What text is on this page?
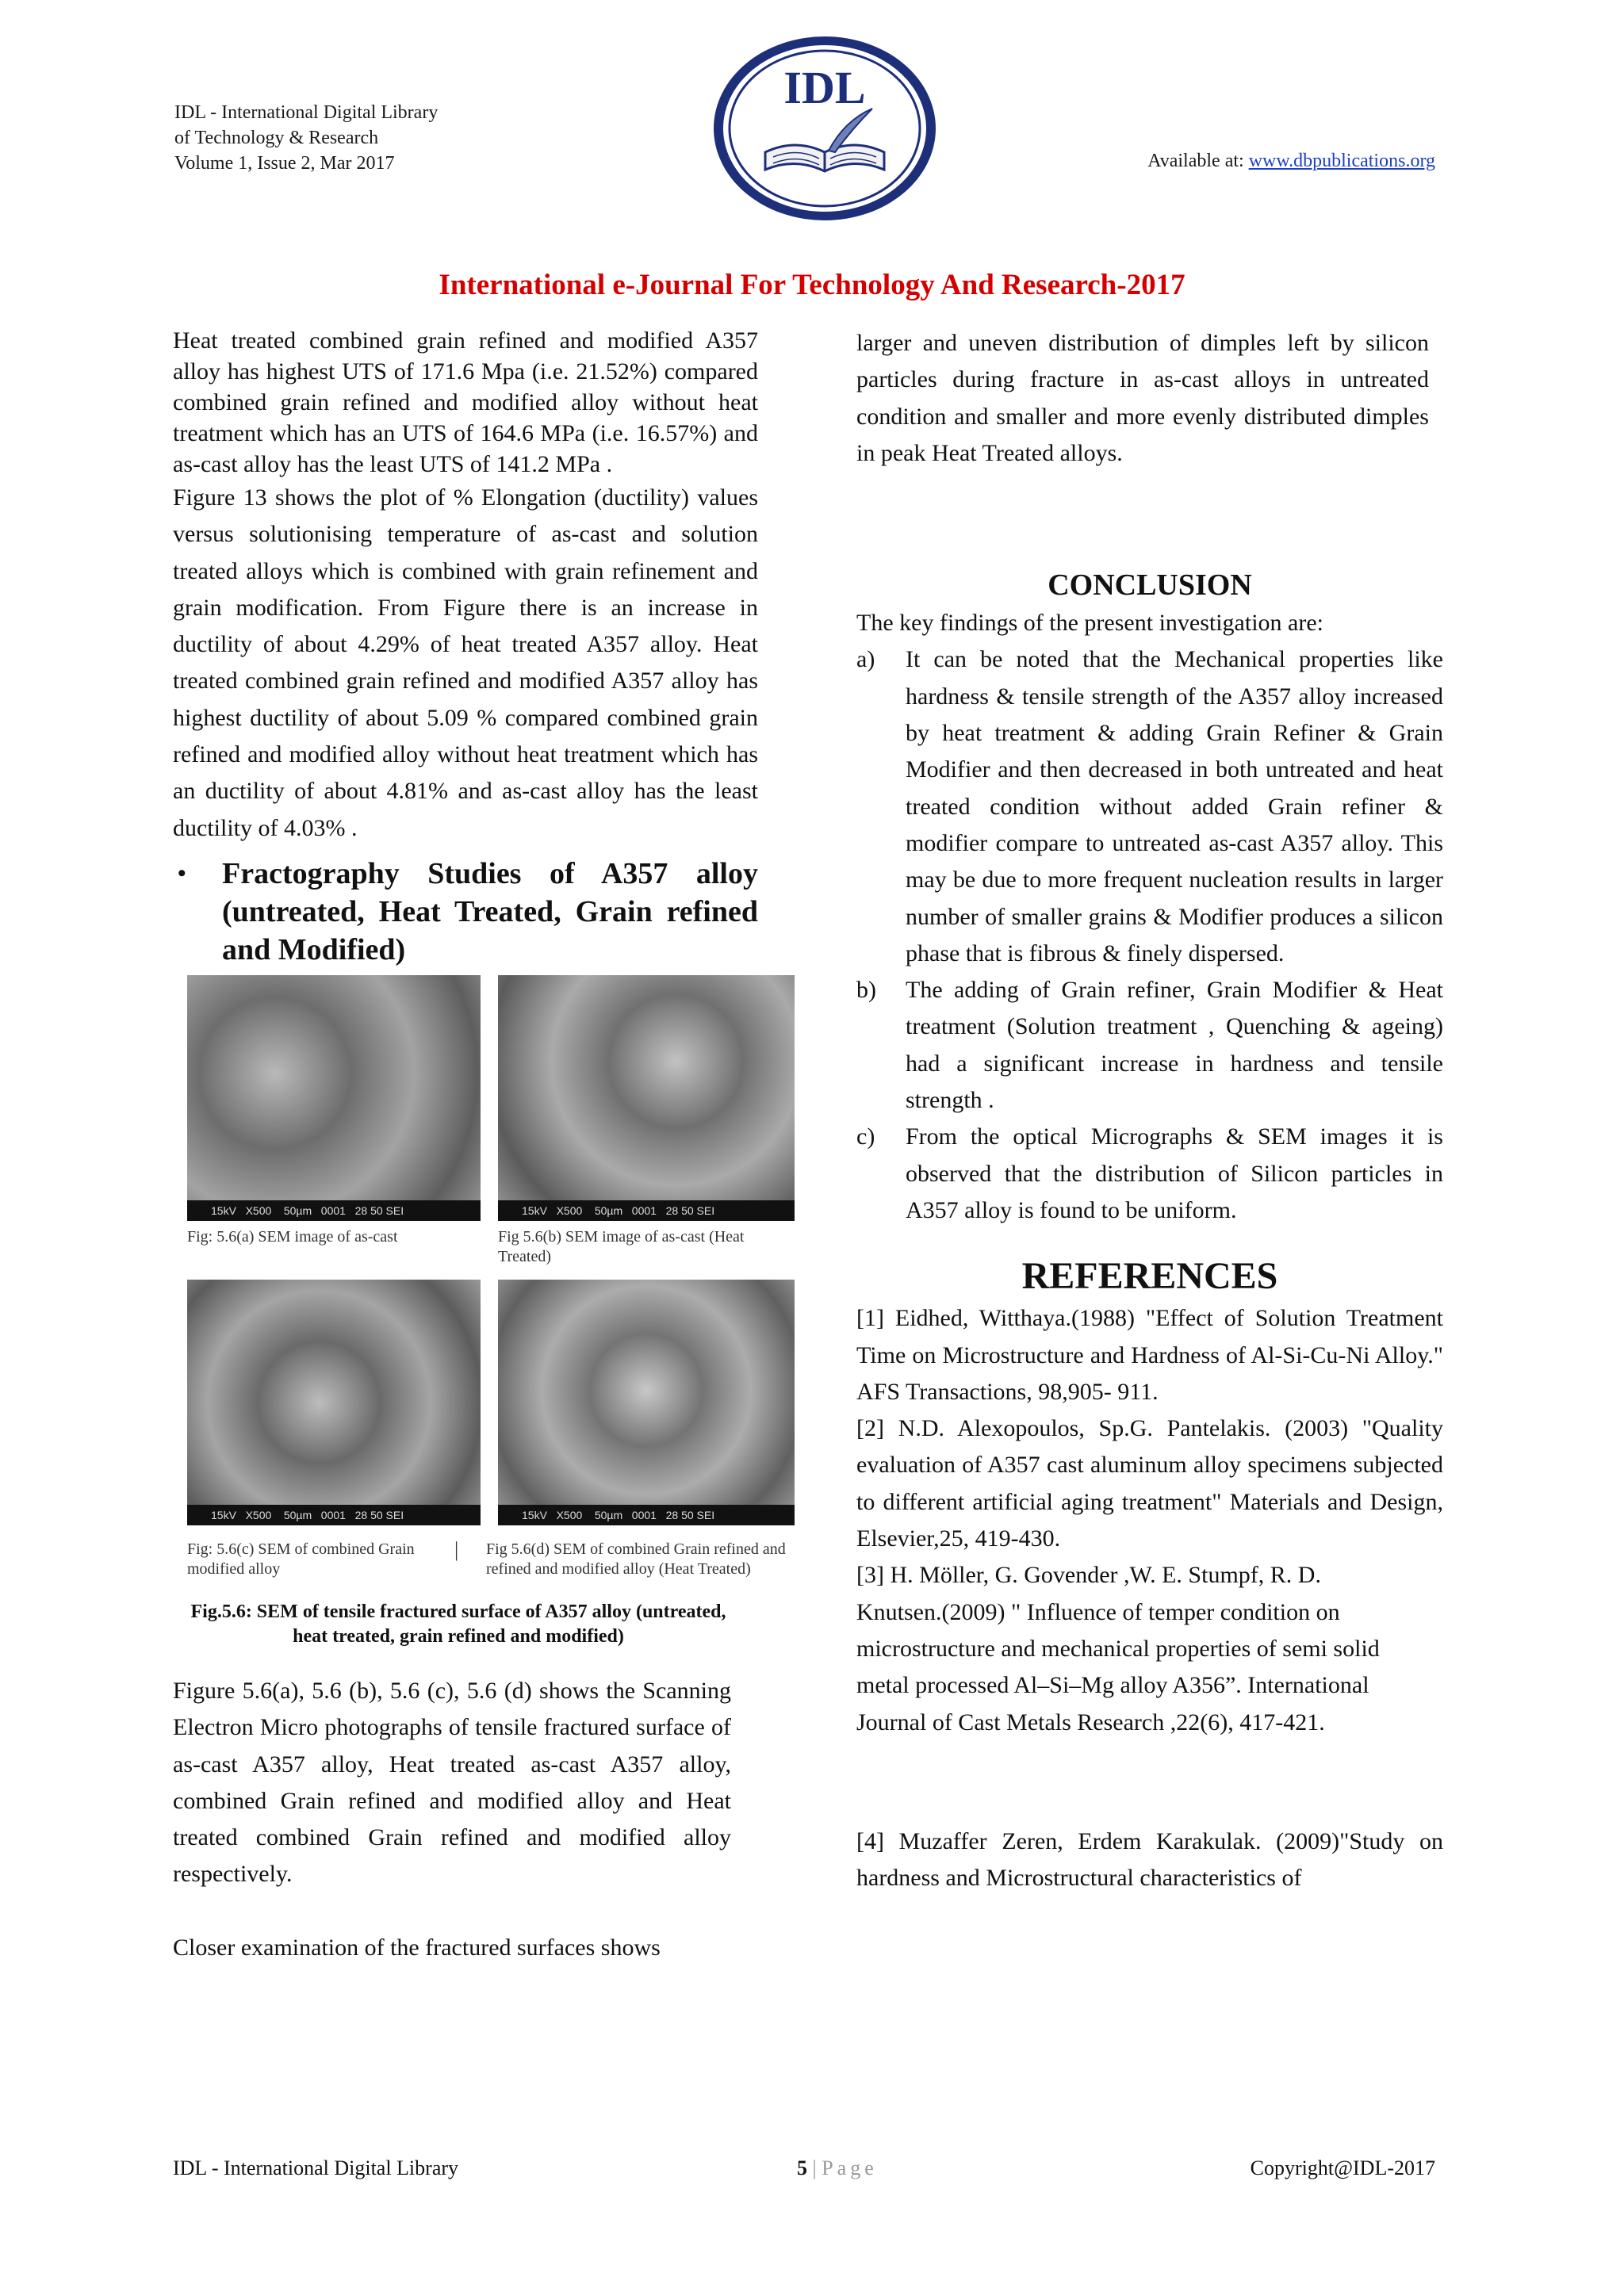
IDL - International Digital Library
of Technology & Research
Volume 1, Issue 2, Mar 2017
IDL
Available at: www.dbpublications.org
International e-Journal For Technology And Research-2017

Heat treated combined grain refined and modified A357 alloy has highest UTS of 171.6 Mpa (i.e. 21.52%) compared combined grain refined and modified alloy without heat treatment which has an UTS of 164.6 MPa (i.e. 16.57%) and as-cast alloy has the least UTS of 141.2 MPa .

Figure 13 shows the plot of % Elongation (ductility) values versus solutionising temperature of as-cast and solution treated alloys which is combined with grain refinement and grain modification. From Figure there is an increase in ductility of about 4.29% of heat treated A357 alloy. Heat treated combined grain refined and modified A357 alloy has highest ductility of about 5.09 % compared combined grain refined and modified alloy without heat treatment which has an ductility of about 4.81% and as-cast alloy has the least ductility of 4.03% .

• Fractography Studies of A357 alloy (untreated, Heat Treated, Grain refined and Modified)
15kV   X500    50µm   0001   28 50 SEI	15kV   X500    50µm   0001   28 50 SEI
Fig: 5.6(a) SEM image of as-cast	Fig 5.6(b) SEM image of as-cast (Heat Treated)
15kV   X500    50µm   0001   28 50 SEI	15kV   X500    50µm   0001   28 50 SEI
Fig: 5.6(c) SEM of combined Grain modified alloy
| Fig 5.6(d) SEM of combined Grain refined and refined and modified alloy (Heat Treated)
Fig.5.6: SEM of tensile fractured surface of A357 alloy (untreated, heat treated, grain refined and modified)

Figure 5.6(a), 5.6 (b), 5.6 (c), 5.6 (d) shows the Scanning Electron Micro photographs of tensile fractured surface of as-cast A357 alloy, Heat treated as-cast A357 alloy, combined Grain refined and modified alloy and Heat treated combined Grain refined and modified alloy respectively.

Closer examination of the fractured surfaces shows

larger and uneven distribution of dimples left by silicon particles during fracture in as-cast alloys in untreated condition and smaller and more evenly distributed dimples in peak Heat Treated alloys.

CONCLUSION

The key findings of the present investigation are:

a) It can be noted that the Mechanical properties like hardness & tensile strength of the A357 alloy increased by heat treatment & adding Grain Refiner & Grain Modifier and then decreased in both untreated and heat treated condition without added Grain refiner & modifier compare to untreated as-cast A357 alloy. This may be due to more frequent nucleation results in larger number of smaller grains & Modifier produces a silicon phase that is fibrous & finely dispersed.
b) The adding of Grain refiner, Grain Modifier & Heat treatment (Solution treatment , Quenching & ageing) had a significant increase in hardness and tensile strength .
c) From the optical Micrographs & SEM images it is observed that the distribution of Silicon particles in A357 alloy is found to be uniform.
REFERENCES

[1] Eidhed, Witthaya.(1988) "Effect of Solution Treatment Time on Microstructure and Hardness of Al-Si-Cu-Ni Alloy." AFS Transactions, 98,905- 911.

[2] N.D. Alexopoulos, Sp.G. Pantelakis. (2003) "Quality evaluation of A357 cast aluminum alloy specimens subjected to different artificial aging treatment" Materials and Design, Elsevier,25, 419-430.

[3] H. Möller, G. Govender ,W. E. Stumpf, R. D. Knutsen.(2009) " Influence of temper condition on microstructure and mechanical properties of semi solid metal processed Al–Si–Mg alloy A356”. International Journal of Cast Metals Research ,22(6), 417-421.

[4] Muzaffer Zeren, Erdem Karakulak. (2009)"Study on hardness and Microstructural characteristics of

IDL - International Digital Library	5 | Page	Copyright@IDL-2017
